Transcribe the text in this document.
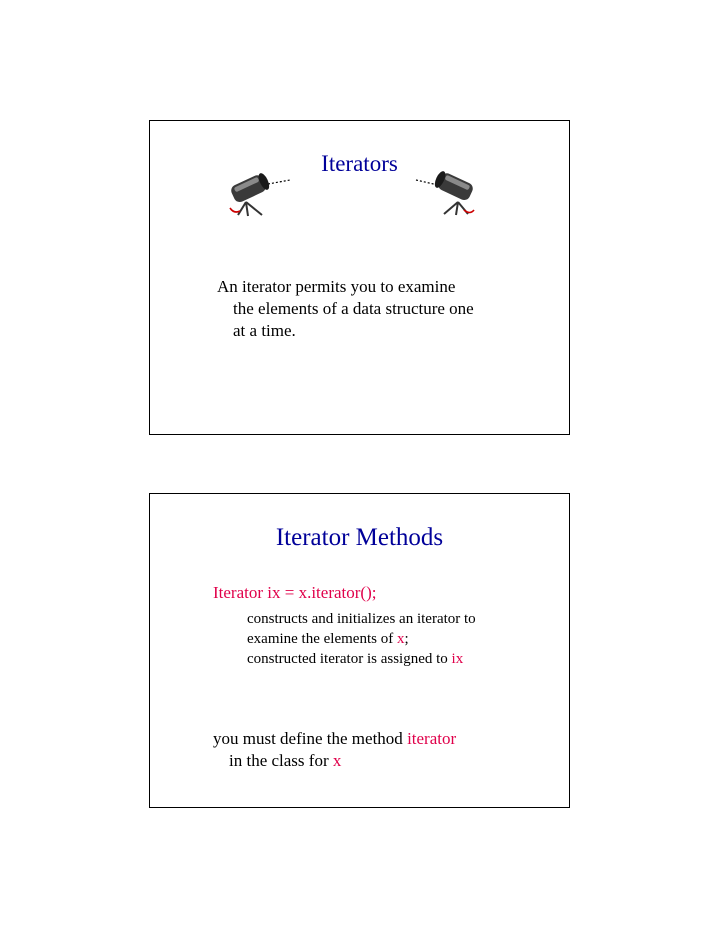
Iterators
An iterator permits you to examine
the elements of a data structure one
at a time.
Iterator Methods
Iterator ix = x.iterator();
constructs and initializes an iterator to
examine the elements of x;
constructed iterator is assigned to ix
you must define the method iterator
in the class for x
